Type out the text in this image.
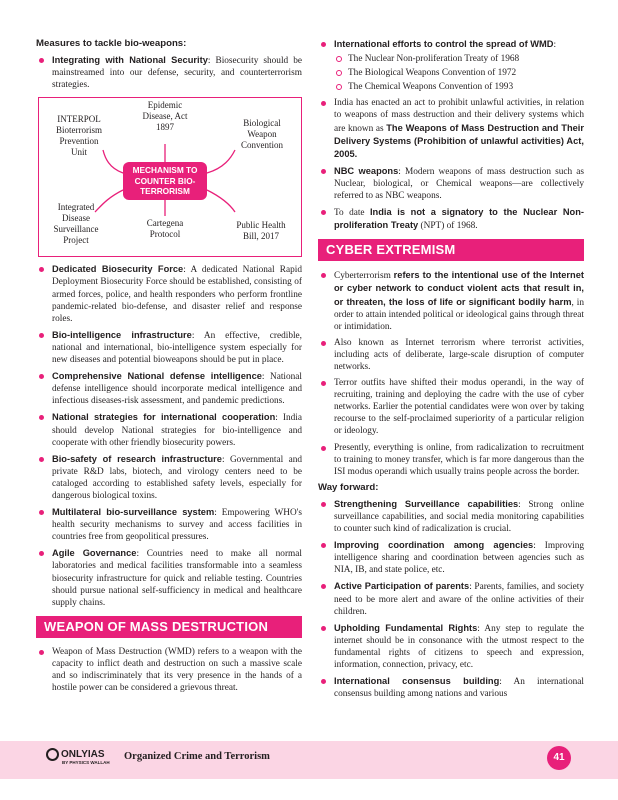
Measures to tackle bio-weapons:
Integrating with National Security: Biosecurity should be mainstreamed into our defense, security, and counterterrorism strategies.
INTERPOL
Bioterrorism
Prevention
Unit
Epidemic
Disease, Act
1897	Biological
Weapon
Convention
MECHANISM TO
COUNTER BIO-
TERRORISM
Integrated
Disease
Surveillance
Project
Cartegena
Protocol
Public Health
Bill, 2017
Dedicated Biosecurity Force: A dedicated National Rapid Deployment Biosecurity Force should be established, consisting of armed forces, police, and health responders who perform frontline pandemic-related bio-defense, and disaster relief and response roles.
Bio-intelligence infrastructure: An effective, credible, national and international, bio-intelligence system especially for new diseases and potential bioweapons should be put in place.
Comprehensive National defense intelligence: National defense intelligence should incorporate medical intelligence and infectious diseases-risk assessment, and pandemic predictions.
National strategies for international cooperation: India should develop National strategies for bio-intelligence and cooperate with other friendly biosecurity powers.
Bio-safety of research infrastructure: Governmental and private R&D labs, biotech, and virology centers need to be cataloged according to established safety levels, especially for dangerous biological toxins.
Multilateral bio-surveillance system: Empowering WHO's health security mechanisms to survey and access facilities in countries free from geopolitical pressures.
Agile Governance: Countries need to make all normal laboratories and medical facilities transformable into a seamless biosecurity infrastructure for quick and reliable testing. Countries should pursue national self-sufficiency in medical and healthcare supply chains.
WEAPON OF MASS DESTRUCTION
Weapon of Mass Destruction (WMD) refers to a weapon with the capacity to inflict death and destruction on such a massive scale and so indiscriminately that its very presence in the hands of a hostile power can be considered a grievous threat.
International efforts to control the spread of WMD:
The Nuclear Non-proliferation Treaty of 1968
The Biological Weapons Convention of 1972
The Chemical Weapons Convention of 1993
India has enacted an act to prohibit unlawful activities, in relation to weapons of mass destruction and their delivery systems which are known as The Weapons of Mass Destruction and Their Delivery Systems (Prohibition of unlawful activities) Act, 2005.
NBC weapons: Modern weapons of mass destruction such as Nuclear, biological, or Chemical weapons—are collectively referred to as NBC weapons.
To date India is not a signatory to the Nuclear Non-proliferation Treaty (NPT) of 1968.
CYBER EXTREMISM
Cyberterrorism refers to the intentional use of the Internet or cyber network to conduct violent acts that result in, or threaten, the loss of life or significant bodily harm, in order to attain intended political or ideological gains through threat or intimidation.
Also known as Internet terrorism where terrorist activities, including acts of deliberate, large-scale disruption of computer networks.
Terror outfits have shifted their modus operandi, in the way of recruiting, training and deploying the cadre with the use of cyber networks. Earlier the potential candidates were won over by taking recourse to the self-proclaimed superiority of a particular religion or ideology.
Presently, everything is online, from radicalization to recruitment to training to money transfer, which is far more dangerous than the ISI modus operandi which usually trains people across the border.
Way forward:
Strengthening Surveillance capabilities: Strong online surveillance capabilities, and social media monitoring capabilities to counter such kind of radicalization is crucial.
Improving coordination among agencies: Improving intelligence sharing and coordination between agencies such as NIA, IB, and state police, etc.
Active Participation of parents: Parents, families, and society need to be more alert and aware of the online activities of their children.
Upholding Fundamental Rights: Any step to regulate the internet should be in consonance with the utmost respect to the fundamental rights of citizens to speech and expression, information, connection, privacy, etc.
International consensus building: An international consensus building among nations and various
ONLYIAS
BY PHYSICS WALLAH
Organized Crime and Terrorism	41
